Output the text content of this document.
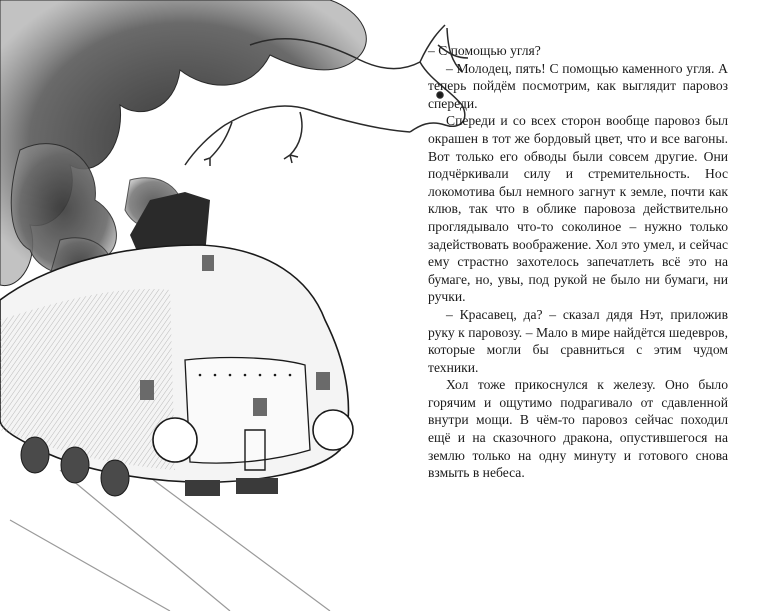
– С помощью угля?

– Молодец, пять! С помощью каменного угля. А теперь пойдём посмотрим, как выглядит паровоз спереди.

Спереди и со всех сторон вообще паровоз был окрашен в тот же бордовый цвет, что и все вагоны. Вот только его обводы были совсем другие. Они подчёркивали силу и стремительность. Нос локомотива был немного загнут к земле, почти как клюв, так что в облике паровоза действительно проглядывало что-то соколиное – нужно только задействовать воображение. Хол это умел, и сейчас ему страстно захотелось запечатлеть всё это на бумаге, но, увы, под рукой не было ни бумаги, ни ручки.

– Красавец, да? – сказал дядя Нэт, приложив руку к паровозу. – Мало в мире найдётся шедевров, которые могли бы сравниться с этим чудом техники.

Хол тоже прикоснулся к железу. Оно было горячим и ощутимо подрагивало от сдавленной внутри мощи. В чём-то паровоз сейчас походил ещё и на сказочного дракона, опустившегося на землю только на одну минуту и готового снова взмыть в небеса.
